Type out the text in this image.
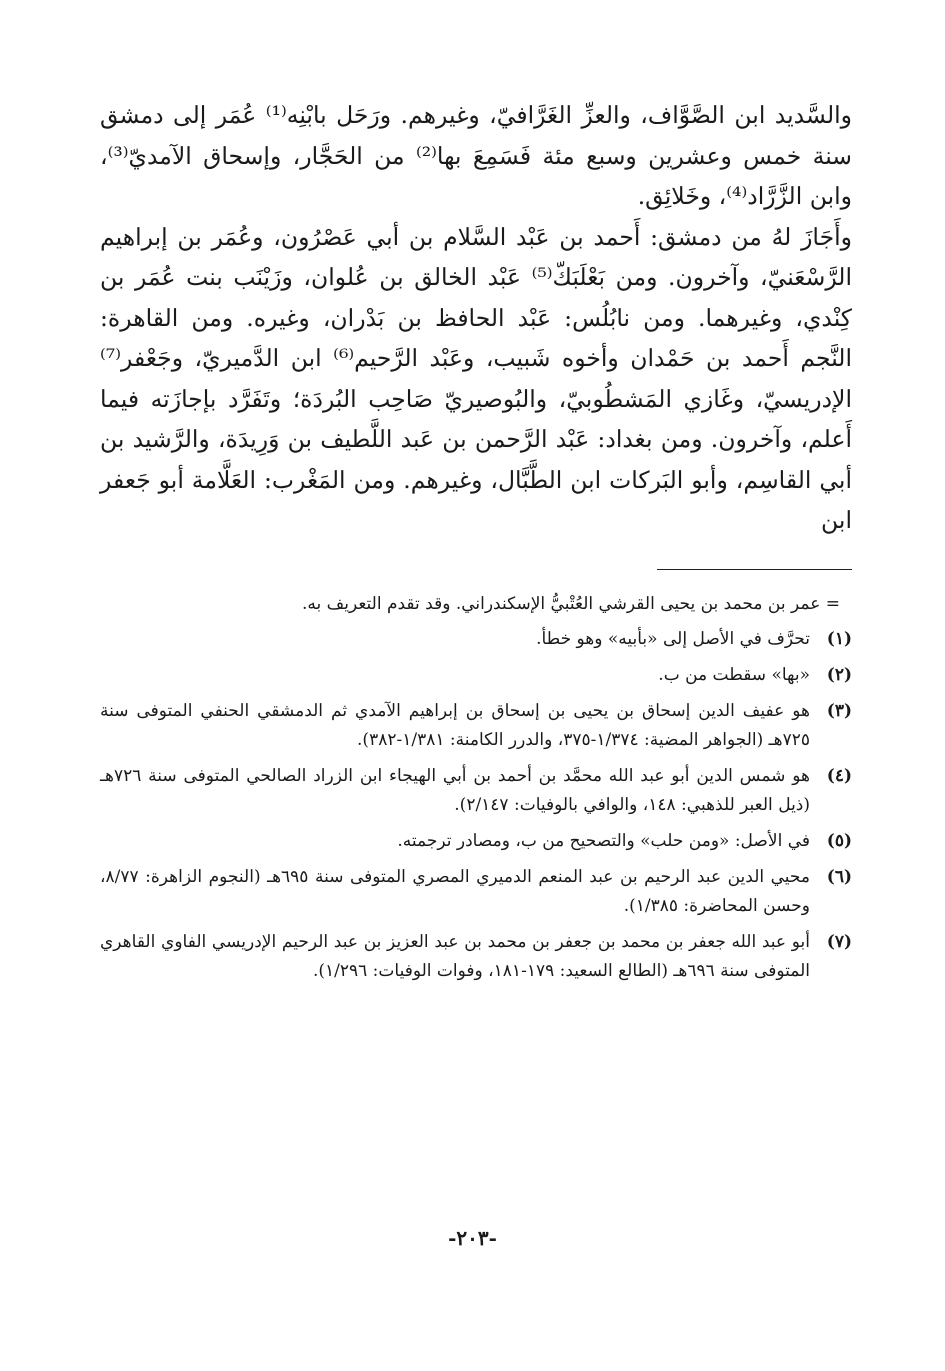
والسَّديد ابن الصَّوَّاف، والعزِّ الغَرَّافيّ، وغيرهم. ورَحَل بابْنِه⁽¹⁾ عُمَر إلى دمشق سنة خمس وعشرين وسبع مئة فَسَمِعَ بها⁽²⁾ من الحَجَّار، وإسحاق الآمديّ⁽³⁾، وابن الزَّرَّاد⁽⁴⁾، وخَلائِق.

وأَجَازَ لهُ من دمشق: أَحمد بن عَبْد السَّلام بن أبي عَصْرُون، وعُمَر بن إبراهيم الرَّسْعَنيّ، وآخرون. ومن بَعْلَبَكّ⁽⁵⁾ عَبْد الخالق بن عُلوان، وزَيْنَب بنت عُمَر بن كِنْدي، وغيرهما. ومن نابُلُس: عَبْد الحافظ بن بَدْران، وغيره. ومن القاهرة: النَّجم أَحمد بن حَمْدان وأخوه شَبيب، وعَبْد الرَّحيم⁽⁶⁾ ابن الدَّميريّ، وجَعْفر⁽⁷⁾ الإدريسيّ، وغَازي المَشطُوبيّ، والبُوصيريّ صَاحِب البُردَة؛ وتَفَرَّد بإجازَته فيما أَعلم، وآخرون. ومن بغداد: عَبْد الرَّحمن بن عَبد اللَّطيف بن وَرِيدَة، والرَّشيد بن أبي القاسِم، وأبو البَركات ابن الطَّبَّال، وغيرهم. ومن المَغْرب: العَلَّامة أبو جَعفر ابن

= عمر بن محمد بن يحيى القرشي العُتْبيُّ الإسكندراني. وقد تقدم التعريف به.
(١)
تحرَّف في الأصل إلى «بأبيه» وهو خطأ.
(٢)
«بها» سقطت من ب.
(٣)
هو عفيف الدين إسحاق بن يحيى بن إسحاق بن إبراهيم الآمدي ثم الدمشقي الحنفي المتوفى سنة ٧٢٥هـ (الجواهر المضية: ١/٣٧٤-٣٧٥، والدرر الكامنة: ١/٣٨١-٣٨٢).
(٤)
هو شمس الدين أبو عبد الله محمَّد بن أحمد بن أبي الهيجاء ابن الزراد الصالحي المتوفى سنة ٧٢٦هـ (ذيل العبر للذهبي: ١٤٨، والوافي بالوفيات: ٢/١٤٧).
(٥)
في الأصل: «ومن حلب» والتصحيح من ب، ومصادر ترجمته.
(٦)
محيي الدين عبد الرحيم بن عبد المنعم الدميري المصري المتوفى سنة ٦٩٥هـ (النجوم الزاهرة: ٨/٧٧، وحسن المحاضرة: ١/٣٨٥).
(٧)
أبو عبد الله جعفر بن محمد بن جعفر بن محمد بن عبد العزيز بن عبد الرحيم الإدريسي الفاوي القاهري المتوفى سنة ٦٩٦هـ (الطالع السعيد: ١٧٩-١٨١، وفوات الوفيات: ١/٢٩٦).
-٢٠٣-
